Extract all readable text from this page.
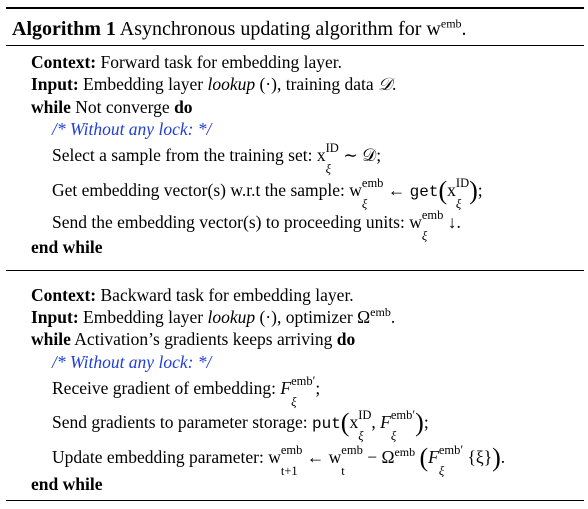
Algorithm 1 Asynchronous updating algorithm for $w^{emb}$.
Context: Forward task for embedding layer.
Input: Embedding layer lookup (·), training data 𝒟.
while Not converge do
/* Without any lock: */
Select a sample from the training set: $x^{ID}$
ξ
∼ 𝒟;
Get embedding vector(s) w.r.t the sample: $w^{emb}$
ξ
← $get(x^{ID}$
ξ );
Send the embedding vector(s) to proceeding units: $w^{emb}$
ξ
↓.
end while
Context: Backward task for embedding layer.
Input: Embedding layer lookup (·), optimizer $\Omega^{emb}$.
while Activation’s gradients keeps arriving do
/* Without any lock: */
Receive gradient of embedding: $F^{emb'}$
ξ
;
Send gradients to parameter storage: $put(x^{ID}$
ξ
, $F^{emb'}$
ξ );
Update embedding parameter: $w^{emb}$
t+1
← $w^{emb}$
t
− $\Omega^{emb}$ ($F^{emb'}$
ξ
{ξ}).
end while
